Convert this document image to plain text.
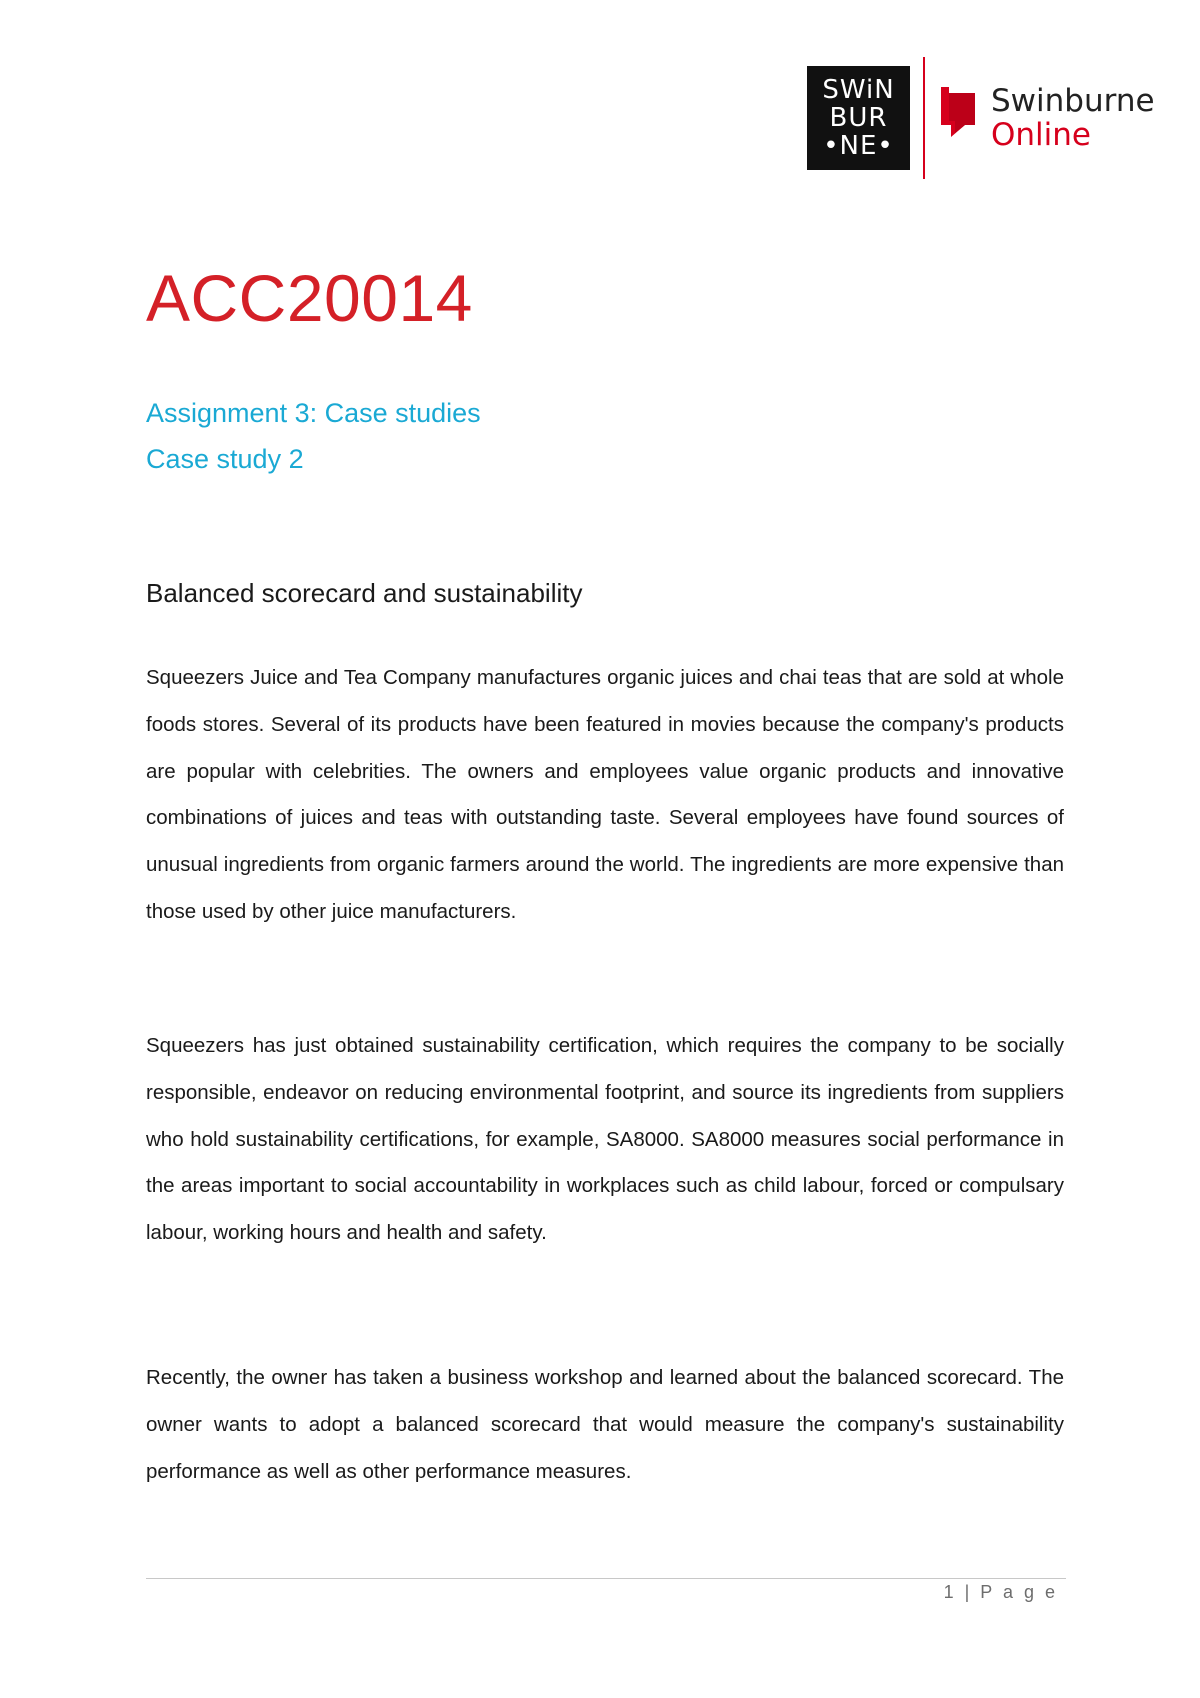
SWiN
BUR
•NE•
Swinburne
Online
ACC20014
Assignment 3: Case studies
Case study 2
Balanced scorecard and sustainability

Squeezers Juice and Tea Company manufactures organic juices and chai teas that are sold at whole foods stores. Several of its products have been featured in movies because the company's products are popular with celebrities. The owners and employees value organic products and innovative combinations of juices and teas with outstanding taste. Several employees have found sources of unusual ingredients from organic farmers around the world. The ingredients are more expensive than those used by other juice manufacturers.

Squeezers has just obtained sustainability certification, which requires the company to be socially responsible, endeavor on reducing environmental footprint, and source its ingredients from suppliers who hold sustainability certifications, for example, SA8000. SA8000 measures social performance in the areas important to social accountability in workplaces such as child labour, forced or compulsary labour, working hours and health and safety.

Recently, the owner has taken a business workshop and learned about the balanced scorecard. The owner wants to adopt a balanced scorecard that would measure the company's sustainability performance as well as other performance measures.

1 | P a g e
